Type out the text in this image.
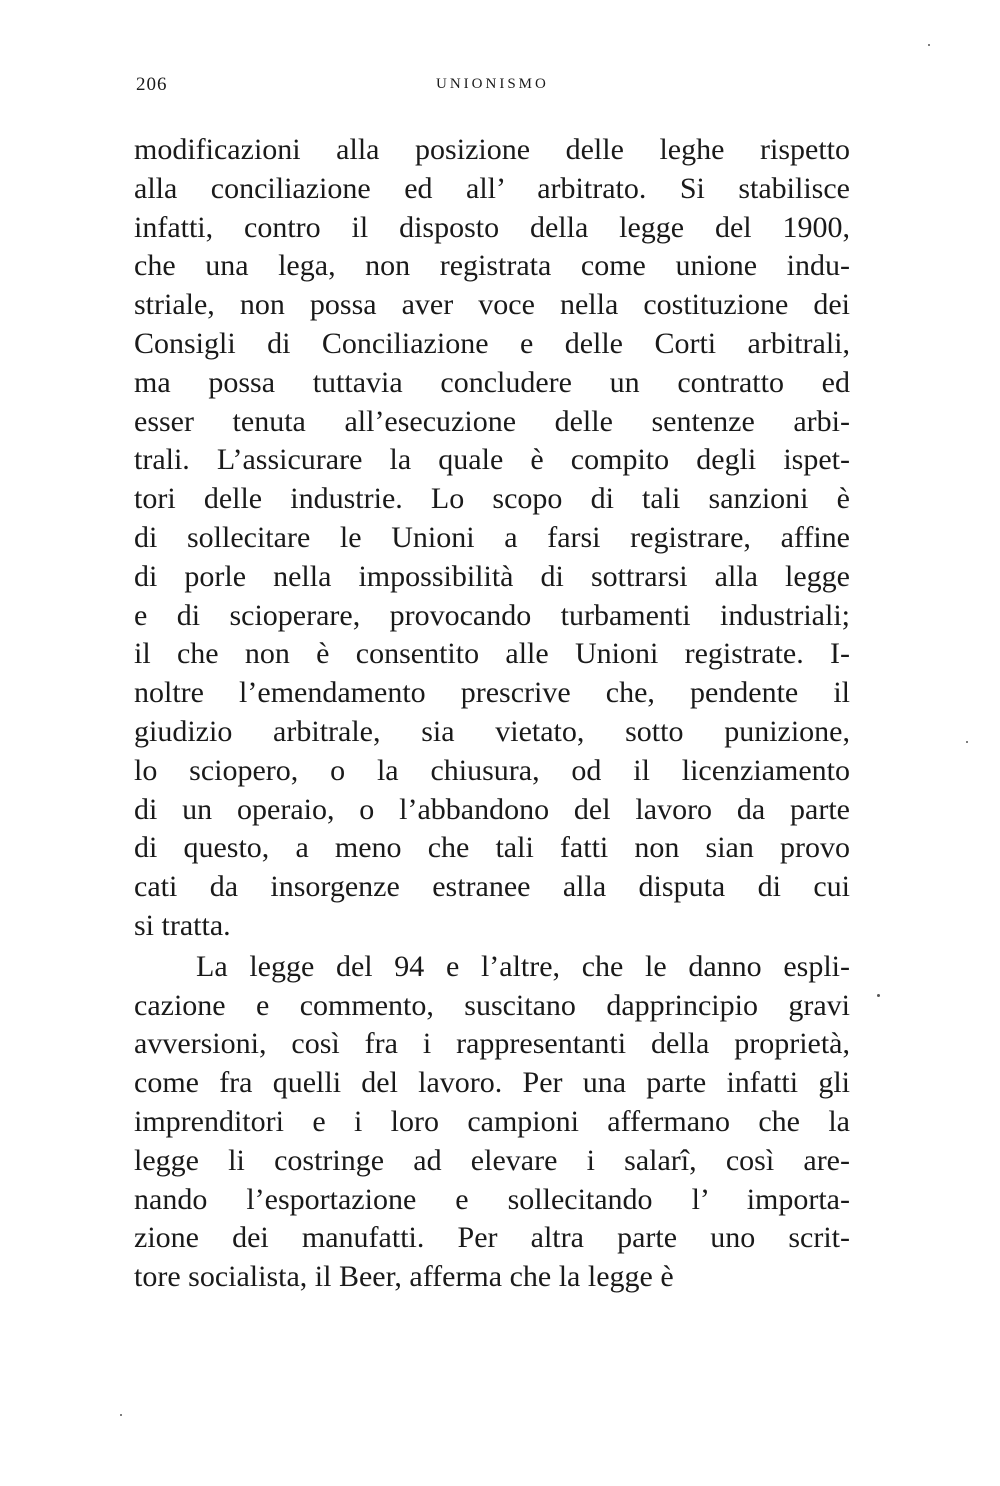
206	UNIONISMO
modificazioni alla posizione delle leghe rispetto
alla conciliazione ed all’ arbitrato. Si stabilisce
infatti, contro il disposto della legge del 1900,
che una lega, non registrata come unione indu-
striale, non possa aver voce nella costituzione dei
Consigli di Conciliazione e delle Corti arbitrali,
ma possa tuttavia concludere un contratto ed
esser tenuta all’esecuzione delle sentenze arbi-
trali. L’assicurare la quale è compito degli ispet-
tori delle industrie. Lo scopo di tali sanzioni è
di sollecitare le Unioni a farsi registrare, affine
di porle nella impossibilità di sottrarsi alla legge
e di scioperare, provocando turbamenti industriali;
il che non è consentito alle Unioni registrate. I-
noltre l’emendamento prescrive che, pendente il
giudizio arbitrale, sia vietato, sotto punizione,
lo sciopero, o la chiusura, od il licenziamento
di un operaio, o l’abbandono del lavoro da parte
di questo, a meno che tali fatti non sian provo
cati da insorgenze estranee alla disputa di cui
si tratta.
La legge del 94 e l’altre, che le danno espli-
cazione e commento, suscitano dapprincipio gravi
avversioni, così fra i rappresentanti della proprietà,
come fra quelli del lavoro. Per una parte infatti gli
imprenditori e i loro campioni affermano che la
legge li costringe ad elevare i salarî, così are-
nando l’esportazione e sollecitando l’ importa-
zione dei manufatti. Per altra parte uno scrit-
tore socialista, il Beer, afferma che la legge è
